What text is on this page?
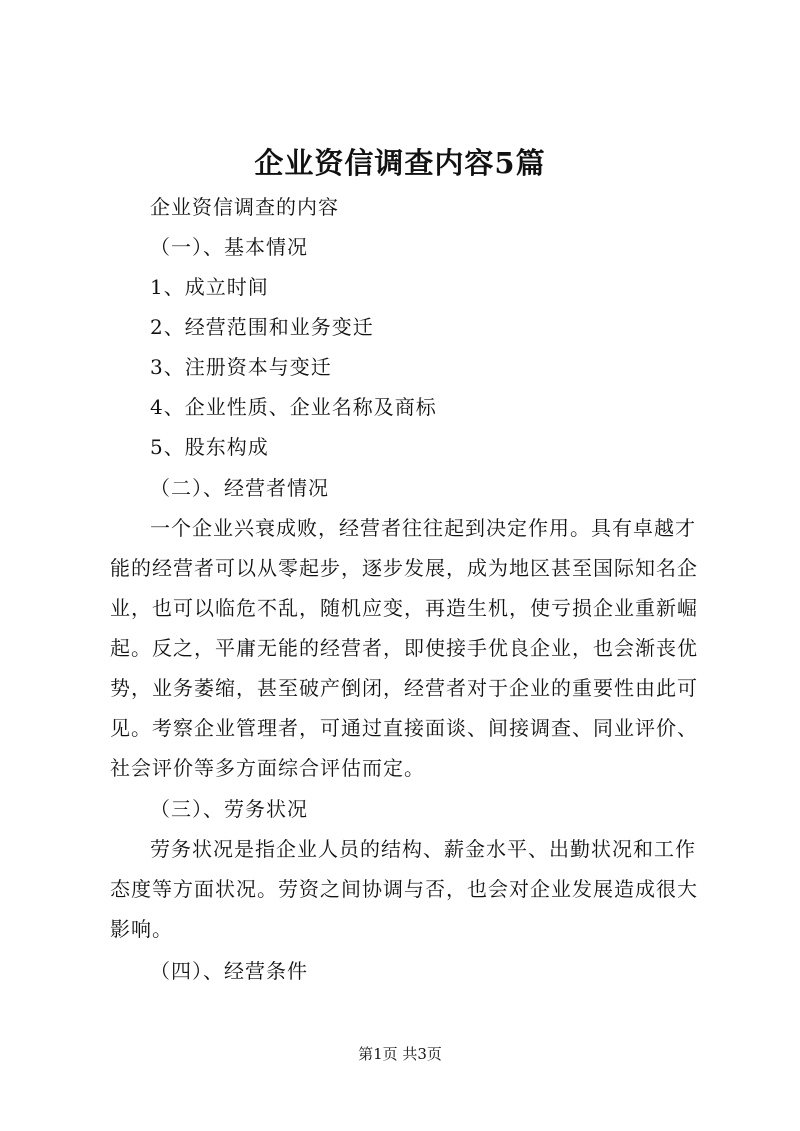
企业资信调查内容5篇
企业资信调查的内容
（一）、基本情况
1、成立时间
2、经营范围和业务变迁
3、注册资本与变迁
4、企业性质、企业名称及商标
5、股东构成
（二）、经营者情况
一个企业兴衰成败，经营者往往起到决定作用。具有卓越才
能的经营者可以从零起步，逐步发展，成为地区甚至国际知名企
业，也可以临危不乱，随机应变，再造生机，使亏损企业重新崛
起。反之，平庸无能的经营者，即使接手优良企业，也会渐丧优
势，业务萎缩，甚至破产倒闭，经营者对于企业的重要性由此可
见。考察企业管理者，可通过直接面谈、间接调查、同业评价、
社会评价等多方面综合评估而定。
（三）、劳务状况
劳务状况是指企业人员的结构、薪金水平、出勤状况和工作
态度等方面状况。劳资之间协调与否，也会对企业发展造成很大
影响。
（四）、经营条件
第1页 共3页
